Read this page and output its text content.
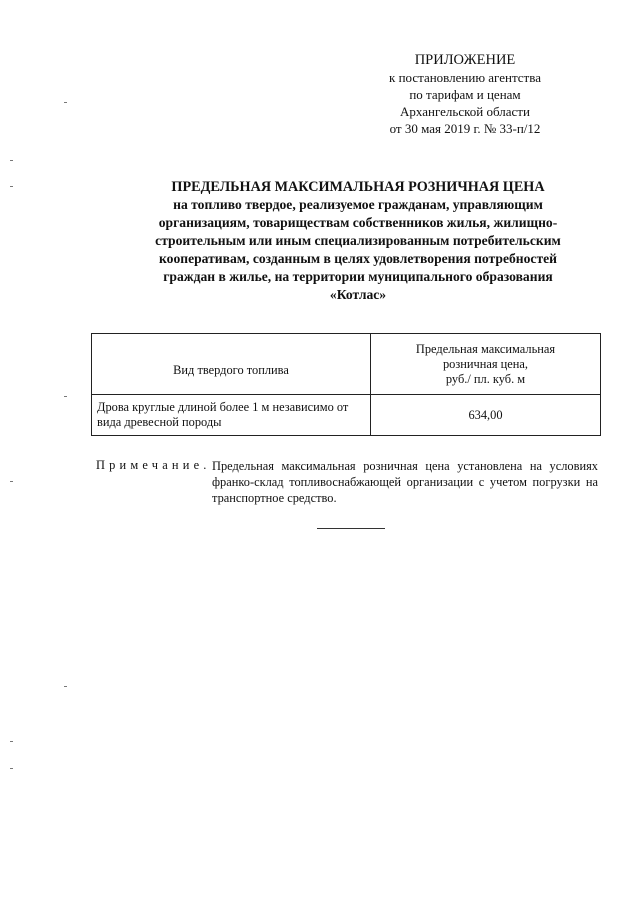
ПРИЛОЖЕНИЕ
к постановлению агентства
по тарифам и ценам
Архангельской области
от 30 мая 2019 г. № 33-п/12
ПРЕДЕЛЬНАЯ МАКСИМАЛЬНАЯ РОЗНИЧНАЯ ЦЕНА
на топливо твердое, реализуемое гражданам, управляющим
организациям, товариществам собственников жилья, жилищно-
строительным или иным специализированным потребительским
кооперативам, созданным в целях удовлетворения потребностей
граждан в жилье, на территории муниципального образования
«Котлас»
Вид твердого топлива	Предельная максимальная
розничная цена,
руб./ пл. куб. м

Дрова круглые длиной более 1 м независимо от
вида древесной породы	634,00
Примечание. Предельная максимальная розничная цена установлена на условиях франко-склад топливоснабжающей организации с учетом погрузки на транспортное средство.
